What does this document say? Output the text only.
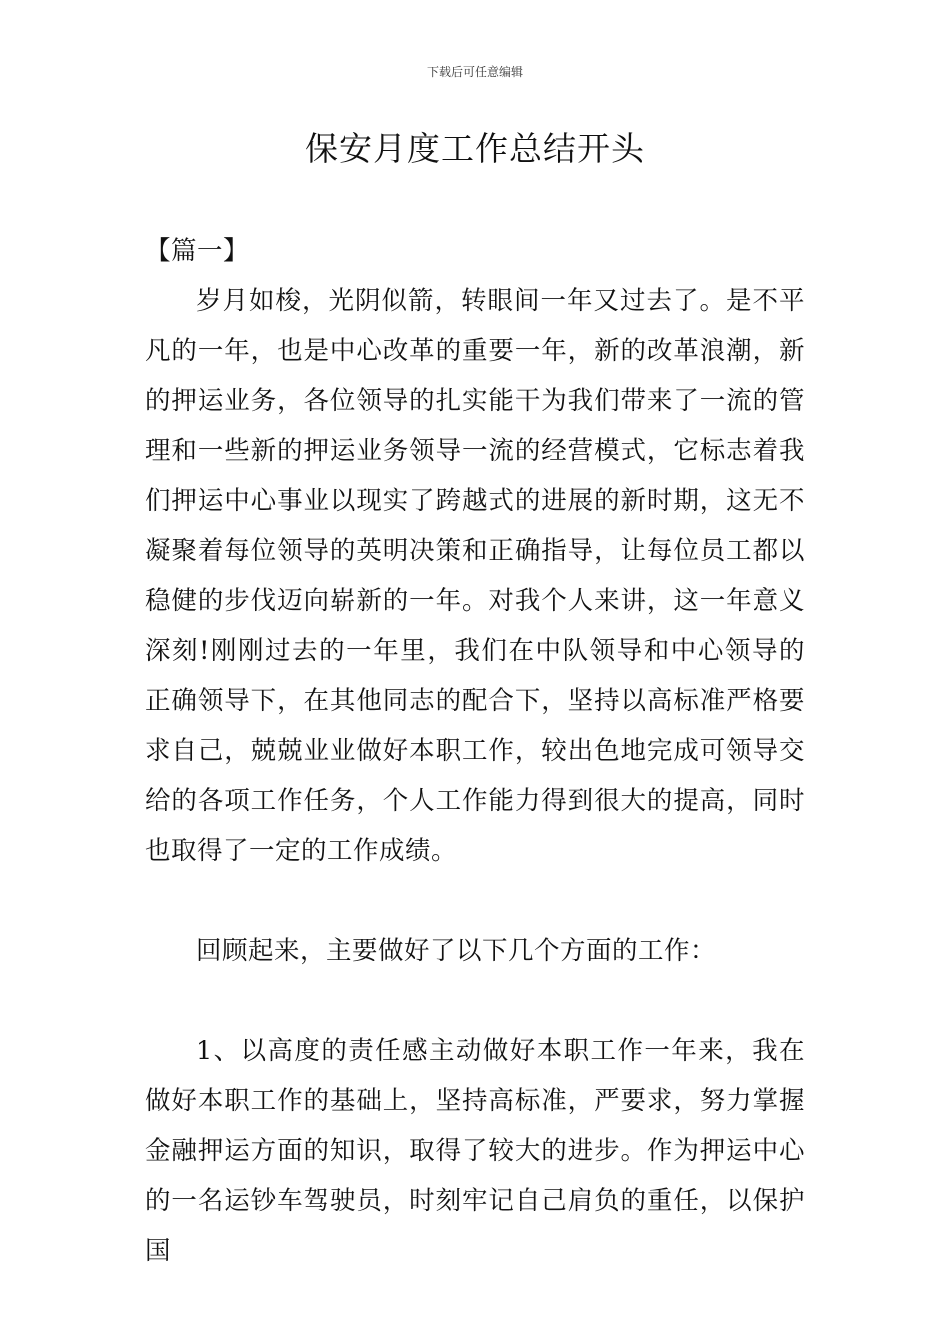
下载后可任意编辑
保安月度工作总结开头

【篇一】

岁月如梭，光阴似箭，转眼间一年又过去了。是不平凡的一年，也是中心改革的重要一年，新的改革浪潮，新的押运业务，各位领导的扎实能干为我们带来了一流的管理和一些新的押运业务领导一流的经营模式，它标志着我们押运中心事业以现实了跨越式的进展的新时期，这无不凝聚着每位领导的英明决策和正确指导，让每位员工都以稳健的步伐迈向崭新的一年。对我个人来讲，这一年意义深刻!刚刚过去的一年里，我们在中队领导和中心领导的正确领导下，在其他同志的配合下，坚持以高标准严格要求自己，兢兢业业做好本职工作，较出色地完成可领导交给的各项工作任务，个人工作能力得到很大的提高，同时也取得了一定的工作成绩。

回顾起来，主要做好了以下几个方面的工作：

1、以高度的责任感主动做好本职工作一年来，我在做好本职工作的基础上，坚持高标准，严要求，努力掌握金融押运方面的知识，取得了较大的进步。作为押运中心的一名运钞车驾驶员，时刻牢记自己肩负的重任，以保护国
